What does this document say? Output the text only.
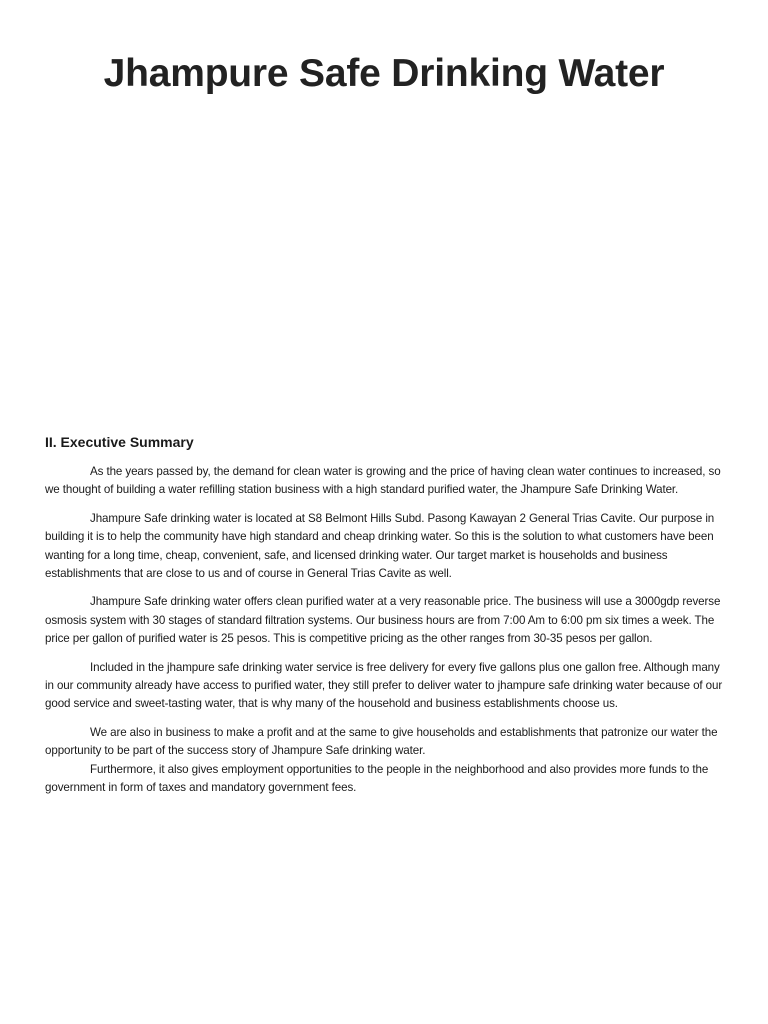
Jhampure Safe Drinking Water
II. Executive Summary

As the years passed by, the demand for clean water is growing and the price of having clean water continues to increased, so we thought of building a water refilling station business with a high standard purified water, the Jhampure Safe Drinking Water.

Jhampure Safe drinking water is located at S8 Belmont Hills Subd. Pasong Kawayan 2 General Trias Cavite. Our purpose in building it is to help the community have high standard and cheap drinking water. So this is the solution to what customers have been wanting for a long time, cheap, convenient, safe, and licensed drinking water. Our target market is households and business establishments that are close to us and of course in General Trias Cavite as well.

Jhampure Safe drinking water offers clean purified water at a very reasonable price. The business will use a 3000gdp reverse osmosis system with 30 stages of standard filtration systems. Our business hours are from 7:00 Am to 6:00 pm six times a week. The price per gallon of purified water is 25 pesos. This is competitive pricing as the other ranges from 30-35 pesos per gallon.

Included in the jhampure safe drinking water service is free delivery for every five gallons plus one gallon free. Although many in our community already have access to purified water, they still prefer to deliver water to jhampure safe drinking water because of our good service and sweet-tasting water, that is why many of the household and business establishments choose us.

We are also in business to make a profit and at the same to give households and establishments that patronize our water the opportunity to be part of the success story of Jhampure Safe drinking water.

Furthermore, it also gives employment opportunities to the people in the neighborhood and also provides more funds to the government in form of taxes and mandatory government fees.
